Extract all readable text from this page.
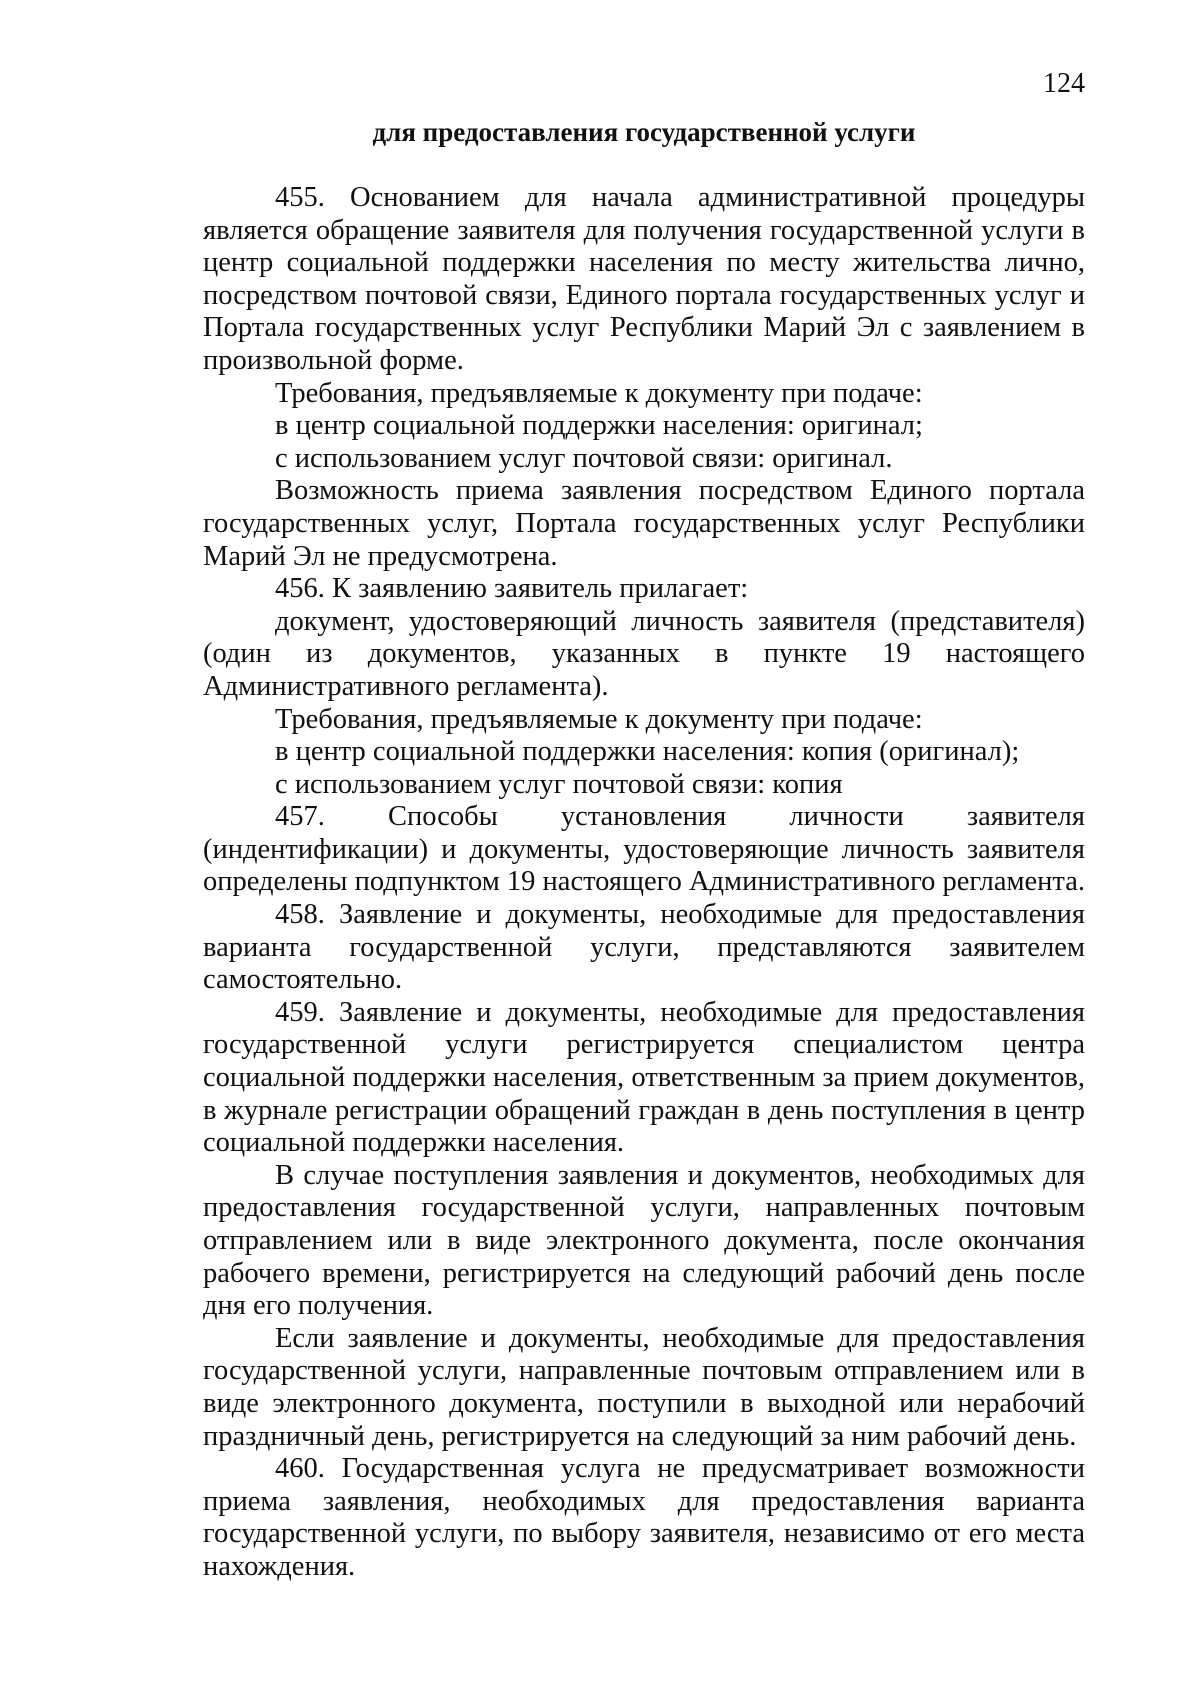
124
для предоставления государственной услуги

455. Основанием для начала административной процедуры является обращение заявителя для получения государственной услуги в центр социальной поддержки населения по месту жительства лично, посредством почтовой связи, Единого портала государственных услуг и Портала государственных услуг Республики Марий Эл с заявлением в произвольной форме.

Требования, предъявляемые к документу при подаче:

в центр социальной поддержки населения: оригинал;

с использованием услуг почтовой связи: оригинал.

Возможность приема заявления посредством Единого портала государственных услуг, Портала государственных услуг Республики Марий Эл не предусмотрена.

456. К заявлению заявитель прилагает:

документ, удостоверяющий личность заявителя (представителя) (один из документов, указанных в пункте 19 настоящего Административного регламента).

Требования, предъявляемые к документу при подаче:

в центр социальной поддержки населения: копия (оригинал);

с использованием услуг почтовой связи: копия

457. Способы установления личности заявителя (индентификации) и документы, удостоверяющие личность заявителя определены подпунктом 19 настоящего Административного регламента.

458. Заявление и документы, необходимые для предоставления варианта государственной услуги, представляются заявителем самостоятельно.

459. Заявление и документы, необходимые для предоставления государственной услуги регистрируется специалистом центра социальной поддержки населения, ответственным за прием документов, в журнале регистрации обращений граждан в день поступления в центр социальной поддержки населения.

В случае поступления заявления и документов, необходимых для предоставления государственной услуги, направленных почтовым отправлением или в виде электронного документа, после окончания рабочего времени, регистрируется на следующий рабочий день после дня его получения.

Если заявление и документы, необходимые для предоставления государственной услуги, направленные почтовым отправлением или в виде электронного документа, поступили в выходной или нерабочий праздничный день, регистрируется на следующий за ним рабочий день.

460. Государственная услуга не предусматривает возможности приема заявления, необходимых для предоставления варианта государственной услуги, по выбору заявителя, независимо от его места нахождения.
